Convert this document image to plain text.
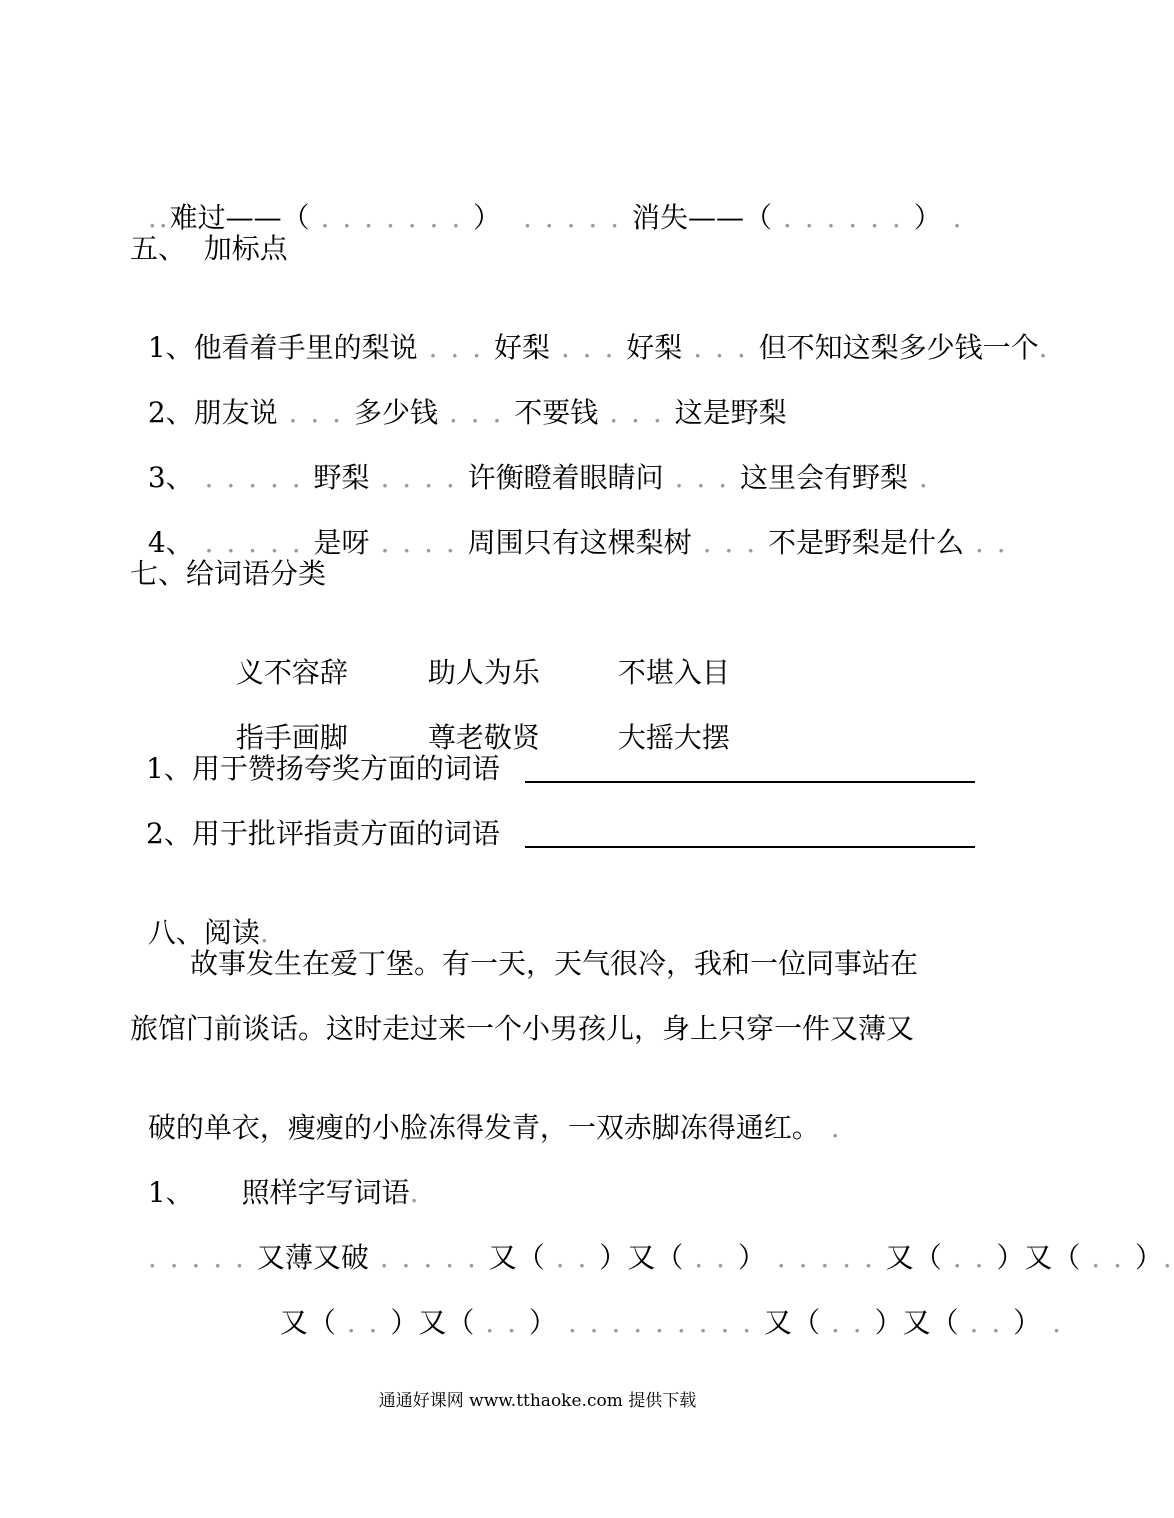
..难过——（ . . . . . . . ）  . . . . . 消失——（ . . . . . . ） .

五、  加标点

1、他看着手里的梨说 . . . 好梨 . . . 好梨 . . . 但不知这梨多少钱一个.

2、朋友说 . . . 多少钱 . . . 不要钱 . . . 这是野梨

3、 . . . . . 野梨 . . . . 许衡瞪着眼睛问 . . . 这里会有野梨 .

4、 . . . . . 是呀 . . . . 周围只有这棵梨树 . . . 不是野梨是什么 . .

七、给词语分类

义不容辞	助人为乐	不堪入目

指手画脚	尊老敬贤	大摇大摆

1、用于赞扬夸奖方面的词语
2、用于批评指责方面的词语

八、阅读.

故事发生在爱丁堡。有一天，天气很冷，我和一位同事站在
旅馆门前谈话。这时走过来一个小男孩儿，身上只穿一件又薄又

破的单衣，瘦瘦的小脸冻得发青，一双赤脚冻得通红。 .

1、 照样字写词语.

. . . . . 又薄又破 . . . . . 又（ . . ）又（ . . ） . . . . . 又（ . . ）又（ . . ）.

又（ . . ）又（ . . ） . . . . . . . . . 又（ . . ）又（ . . ） .

通通好课网 www.tthaoke.com 提供下载
